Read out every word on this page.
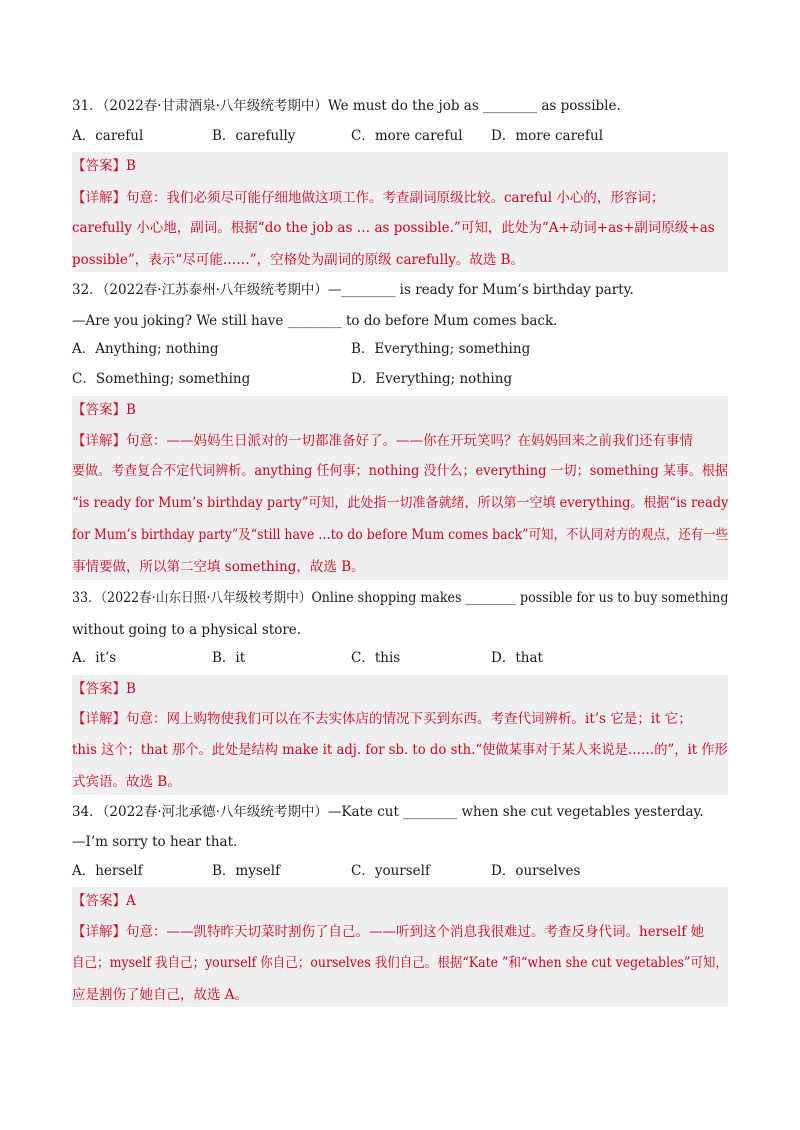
31．（2022春·甘肃酒泉·八年级统考期中）We must do the job as ________ as possible.
A．careful	B．carefully	C．more careful D．more careful
【答案】B
【详解】句意：我们必须尽可能仔细地做这项工作。考查副词原级比较。careful 小心的，形容词；
carefully 小心地，副词。根据“do the job as … as possible.”可知，此处为“A+动词+as+副词原级+as
possible”，表示“尽可能……”，空格处为副词的原级 carefully。故选 B。
32．（2022春·江苏泰州·八年级统考期中）—________ is ready for Mum’s birthday party.
—Are you joking? We still have ________ to do before Mum comes back.
A．Anything; nothing	B．Everything; something
C．Something; something	D．Everything; nothing
【答案】B
【详解】句意：——妈妈生日派对的一切都准备好了。——你在开玩笑吗？在妈妈回来之前我们还有事情
要做。考查复合不定代词辨析。anything 任何事；nothing 没什么；everything 一切；something 某事。根据
“is ready for Mum’s birthday party”可知，此处指一切准备就绪，所以第一空填 everything。根据“is ready
for Mum’s birthday party”及“still have …to do before Mum comes back”可知，不认同对方的观点，还有一些
事情要做，所以第二空填 something，故选 B。
33．（2022春·山东日照·八年级校考期中）Online shopping makes ________ possible for us to buy something
without going to a physical store.
A．it’s	B．it	C．this	D．that
【答案】B
【详解】句意：网上购物使我们可以在不去实体店的情况下买到东西。考查代词辨析。it’s 它是；it 它；
this 这个；that 那个。此处是结构 make it adj. for sb. to do sth.“使做某事对于某人来说是……的”，it 作形
式宾语。故选 B。
34．（2022春·河北承德·八年级统考期中）—Kate cut ________ when she cut vegetables yesterday.
—I’m sorry to hear that.
A．herself	B．myself	C．yourself	D．ourselves
【答案】A
【详解】句意：——凯特昨天切菜时割伤了自己。——听到这个消息我很难过。考查反身代词。herself 她
自己；myself 我自己；yourself 你自己；ourselves 我们自己。根据“Kate ”和“when she cut vegetables”可知，
应是割伤了她自己，故选 A。
